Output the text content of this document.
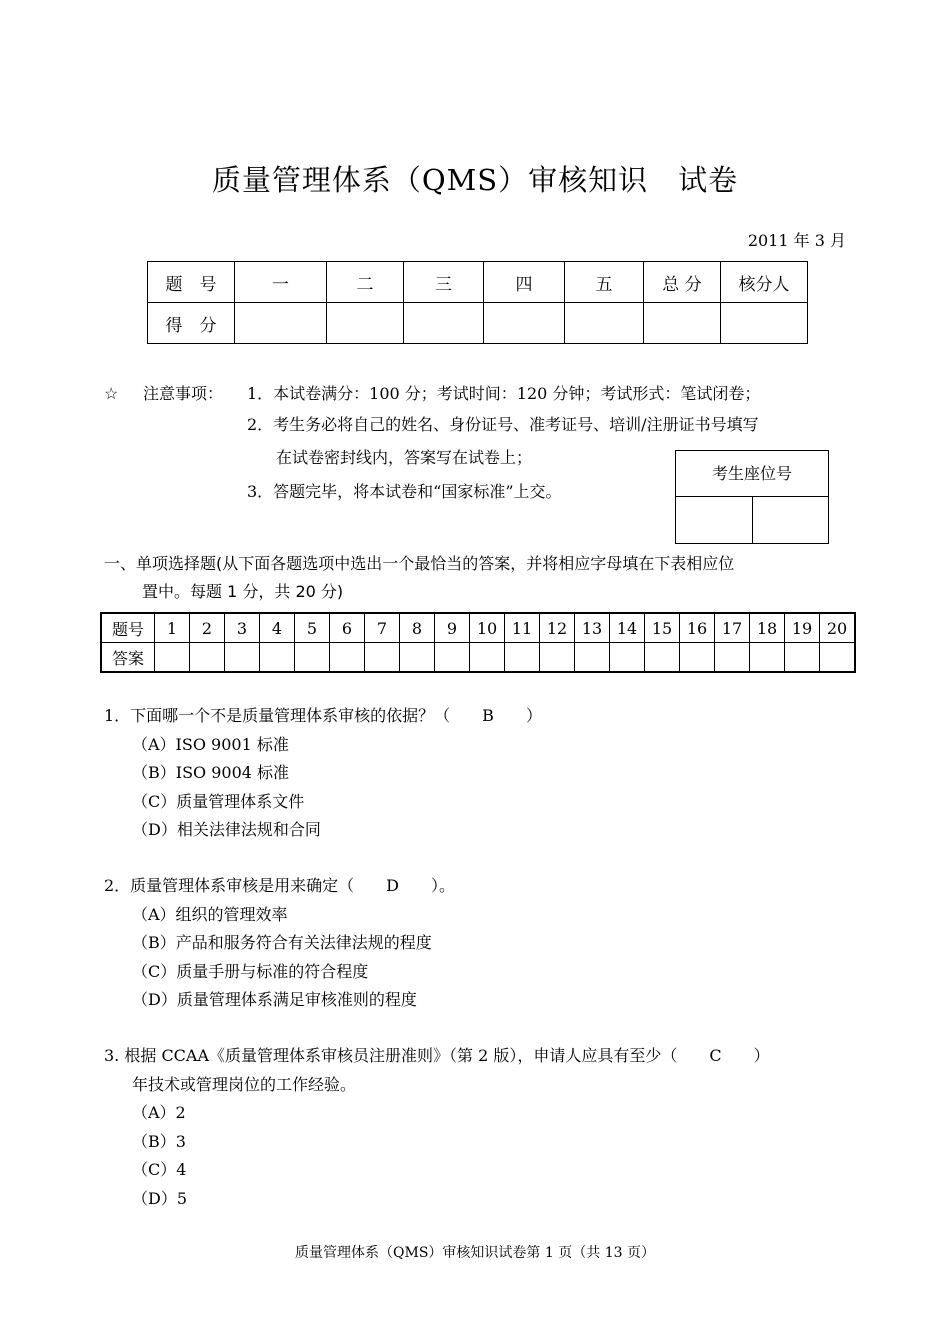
质量管理体系（QMS）审核知识　试卷
2011 年 3 月
题　号	一	二	三	四	五	总 分	核分人
得　分							
☆ 注意事项： 1．本试卷满分：100 分；考试时间：120 分钟；考试形式：笔试闭卷；
2．考生务必将自己的姓名、身份证号、准考证号、培训/注册证书号填写
在试卷密封线内，答案写在试卷上；
3．答题完毕，将本试卷和“国家标准”上交。
考生座位号
一、单项选择题(从下面各题选项中选出一个最恰当的答案，并将相应字母填在下表相应位
置中。每题 1 分，共 20 分)
题号	1	2	3	4	5	6	7	8	9	10	11	12	13	14	15	16	17	18	19	20
答案																				
1．下面哪一个不是质量管理体系审核的依据？（　　B　　）
（A）ISO 9001 标准
（B）ISO 9004 标准
（C）质量管理体系文件
（D）相关法律法规和合同
2．质量管理体系审核是用来确定（　　D　　）。
（A）组织的管理效率
（B）产品和服务符合有关法律法规的程度
（C）质量手册与标准的符合程度
（D）质量管理体系满足审核准则的程度
3. 根据 CCAA《质量管理体系审核员注册准则》（第 2 版），申请人应具有至少（　　C　　）
年技术或管理岗位的工作经验。
（A）2
（B）3
（C）4
（D）5
质量管理体系（QMS）审核知识试卷第 1 页（共 13 页）
